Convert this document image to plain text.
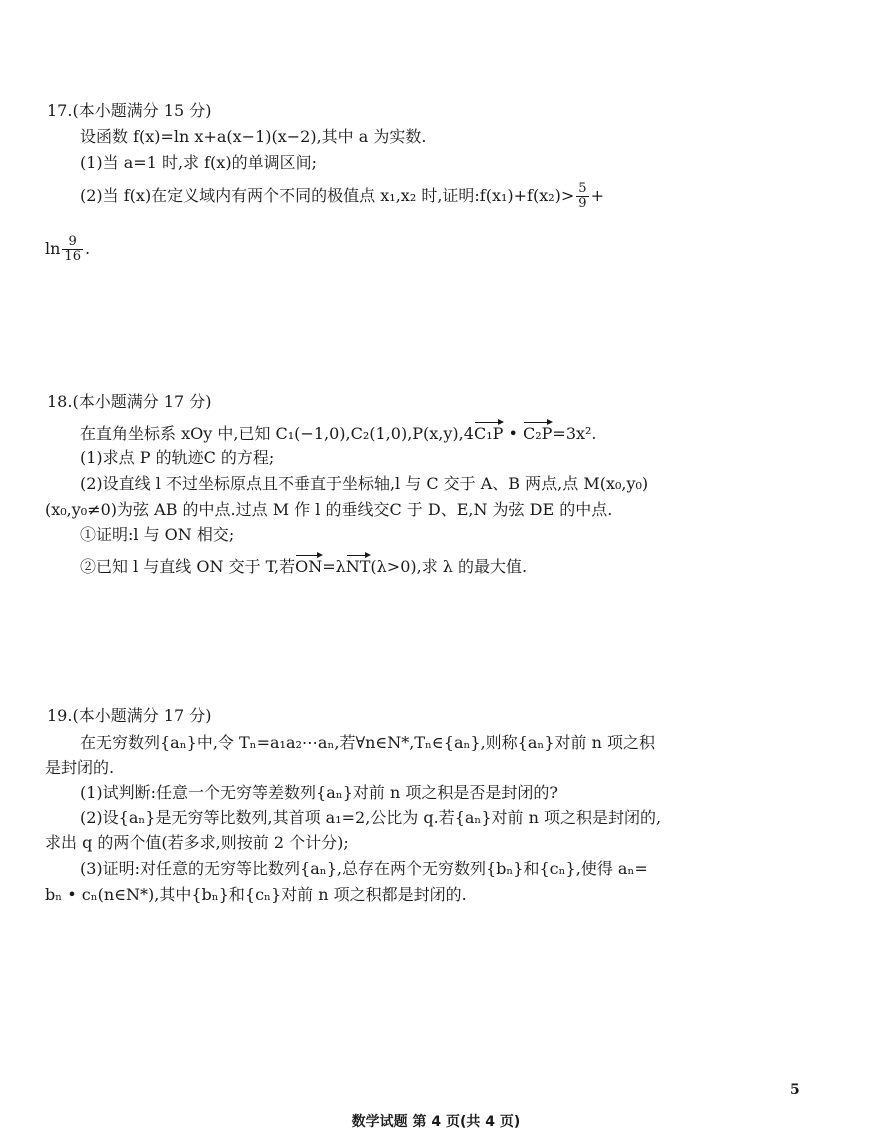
17.(本小题满分 15 分)
设函数 f(x)=ln x+a(x−1)(x−2),其中 a 为实数.
(1)当 a=1 时,求 f(x)的单调区间;
(2)当 f(x)在定义域内有两个不同的极值点 x₁,x₂ 时,证明:f(x₁)+f(x₂)> $\frac{5}{9}$ +
$\ln \frac{9}{16}$ .
18.(本小题满分 17 分)
在直角坐标系 xOy 中,已知 C₁(−1,0),C₂(1,0),P(x,y),4C₁P • C₂P=3x².
(1)求点 P 的轨迹C 的方程;
(2)设直线 l 不过坐标原点且不垂直于坐标轴,l 与 C 交于 A、B 两点,点 M(x₀,y₀)
(x₀,y₀≠0)为弦 AB 的中点.过点 M 作 l 的垂线交C 于 D、E,N 为弦 DE 的中点.
①证明:l 与 ON 相交;
②已知 l 与直线 ON 交于 T,若ON=λNT(λ>0),求 λ 的最大值.
19.(本小题满分 17 分)
在无穷数列{aₙ}中,令 Tₙ=a₁a₂⋯aₙ,若∀n∈N*,Tₙ∈{aₙ},则称{aₙ}对前 n 项之积
是封闭的.
(1)试判断:任意一个无穷等差数列{aₙ}对前 n 项之积是否是封闭的?
(2)设{aₙ}是无穷等比数列,其首项 a₁=2,公比为 q.若{aₙ}对前 n 项之积是封闭的,
求出 q 的两个值(若多求,则按前 2 个计分);
(3)证明:对任意的无穷等比数列{aₙ},总存在两个无穷数列{bₙ}和{cₙ},使得 aₙ=
bₙ • cₙ(n∈N*),其中{bₙ}和{cₙ}对前 n 项之积都是封闭的.
5
数学试题 第 4 页(共 4 页)
